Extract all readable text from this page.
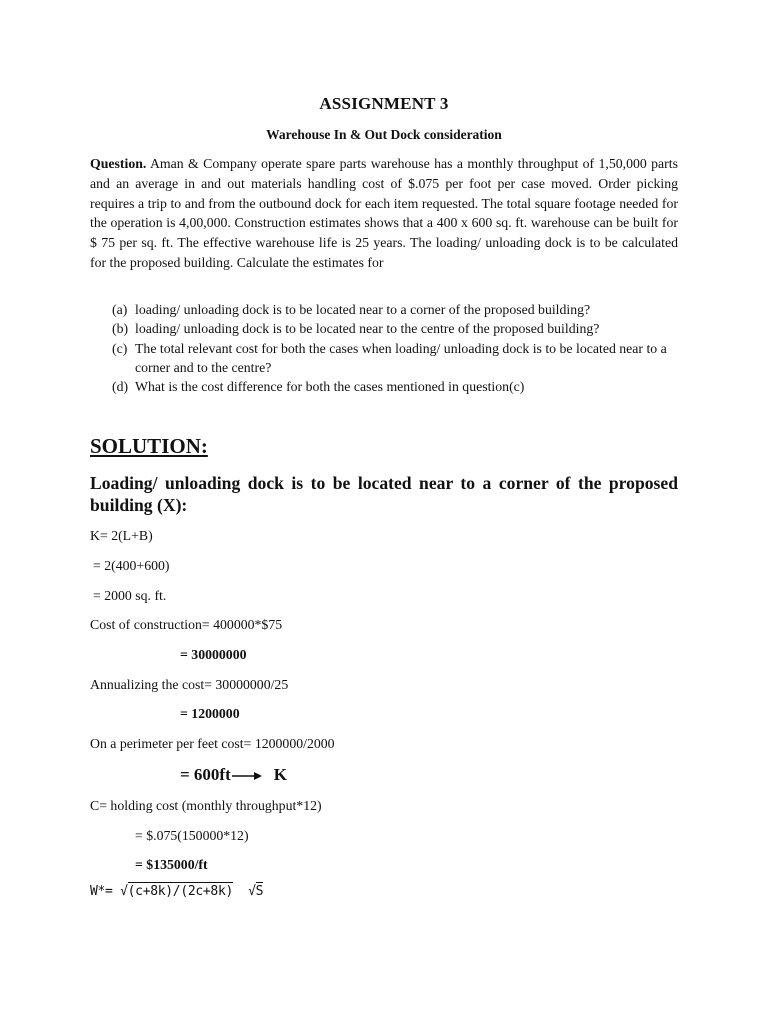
ASSIGNMENT 3
Warehouse In & Out Dock consideration
Question. Aman & Company operate spare parts warehouse has a monthly throughput of 1,50,000 parts and an average in and out materials handling cost of $.075 per foot per case moved. Order picking requires a trip to and from the outbound dock for each item requested. The total square footage needed for the operation is 4,00,000. Construction estimates shows that a 400 x 600 sq. ft. warehouse can be built for $ 75 per sq. ft. The effective warehouse life is 25 years. The loading/ unloading dock is to be calculated for the proposed building. Calculate the estimates for
(a) loading/ unloading dock is to be located near to a corner of the proposed building?
(b) loading/ unloading dock is to be located near to the centre of the proposed building?
(c) The total relevant cost for both the cases when loading/ unloading dock is to be located near to a corner and to the centre?
(d) What is the cost difference for both the cases mentioned in question(c)
SOLUTION:
Loading/ unloading dock is to be located near to a corner of the proposed building (X):
K= 2(L+B)
= 2(400+600)
= 2000 sq. ft.
Cost of construction= 400000*$75
= 30000000
Annualizing the cost= 30000000/25
= 1200000
On a perimeter per feet cost= 1200000/2000
= 600ft	K
C= holding cost (monthly throughput*12)
= $.075(150000*12)
= $135000/ft
W*= √(c+8k)/(2c+8k) √S
